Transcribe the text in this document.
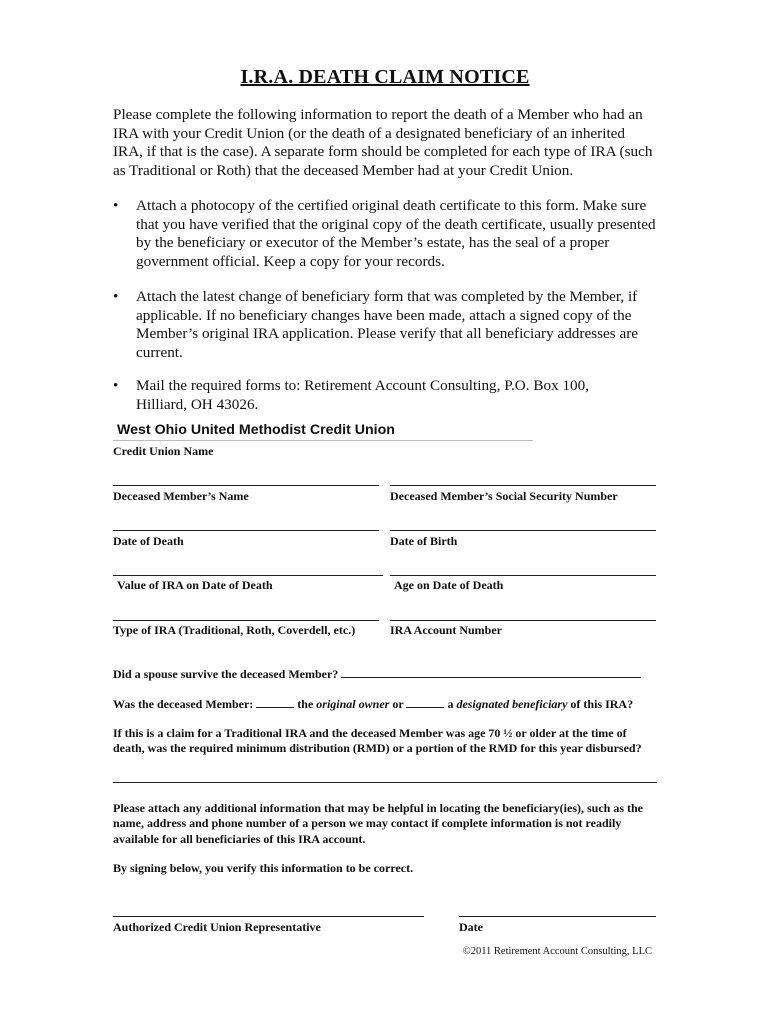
I.R.A. DEATH CLAIM NOTICE
Please complete the following information to report the death of a Member who had an IRA with your Credit Union (or the death of a designated beneficiary of an inherited IRA, if that is the case). A separate form should be completed for each type of IRA (such as Traditional or Roth) that the deceased Member had at your Credit Union.
•	Attach a photocopy of the certified original death certificate to this form. Make sure that you have verified that the original copy of the death certificate, usually presented by the beneficiary or executor of the Member’s estate, has the seal of a proper government official. Keep a copy for your records.
•	Attach the latest change of beneficiary form that was completed by the Member, if applicable. If no beneficiary changes have been made, attach a signed copy of the Member’s original IRA application. Please verify that all beneficiary addresses are current.
•	Mail the required forms to: Retirement Account Consulting, P.O. Box 100, Hilliard, OH 43026.
West Ohio United Methodist Credit Union
Credit Union Name
Deceased Member’s Name	Deceased Member’s Social Security Number
Date of Death	Date of Birth
Value of IRA on Date of Death	Age on Date of Death
Type of IRA (Traditional, Roth, Coverdell, etc.)	IRA Account Number
Did a spouse survive the deceased Member?
Was the deceased Member:	the original owner or	a designated beneficiary of this IRA?
If this is a claim for a Traditional IRA and the deceased Member was age 70 ½ or older at the time of death, was the required minimum distribution (RMD) or a portion of the RMD for this year disbursed?
Please attach any additional information that may be helpful in locating the beneficiary(ies), such as the name, address and phone number of a person we may contact if complete information is not readily available for all beneficiaries of this IRA account.
By signing below, you verify this information to be correct.
Authorized Credit Union Representative	Date
©2011 Retirement Account Consulting, LLC
